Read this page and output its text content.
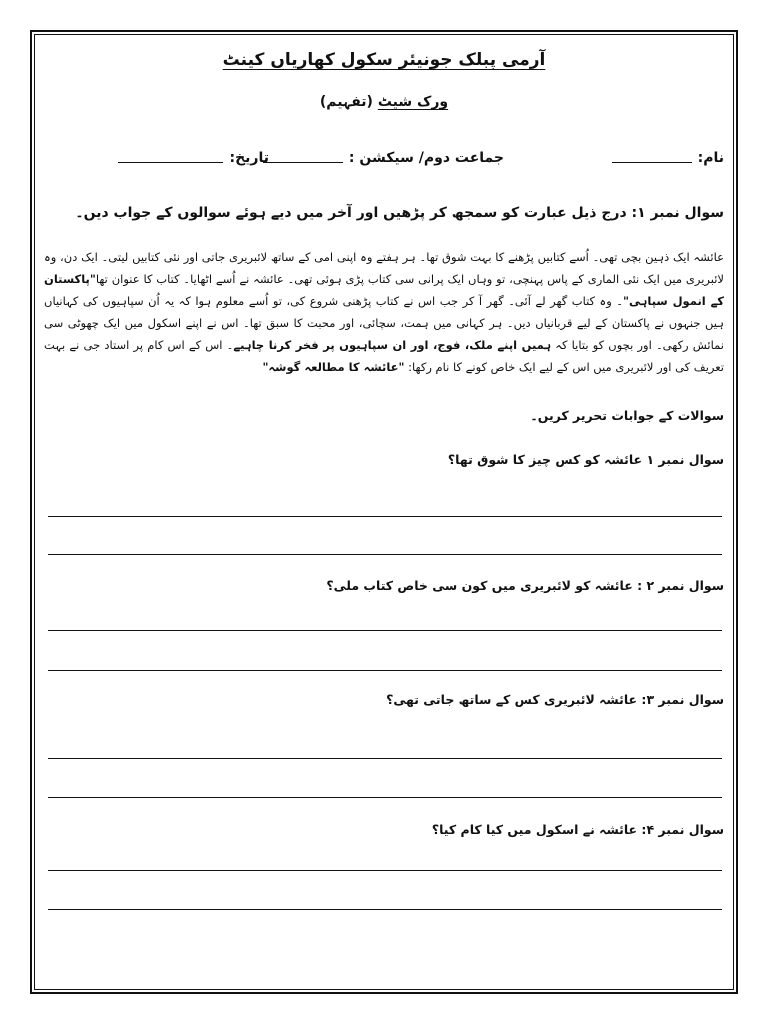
آرمی پبلک جونیئر سکول کھاریاں کینٹ
ورک شیٹ (تفہیم)
نام:
جماعت دوم/ سیکشن :
تاریخ:
سوال نمبر ۱: درج ذیل عبارت کو سمجھ کر پڑھیں اور آخر میں دیے ہوئے سوالوں کے جواب دیں۔
عائشہ ایک ذہین بچی تھی۔ اُسے کتابیں پڑھنے کا بہت شوق تھا۔ ہر ہفتے وہ اپنی امی کے ساتھ لائبریری جاتی اور نئی کتابیں لیتی۔ ایک دن، وہ لائبریری میں ایک نئی الماری کے پاس پہنچی، تو وہاں ایک پرانی سی کتاب پڑی ہوئی تھی۔ عائشہ نے اُسے اٹھایا۔ کتاب کا عنوان تھا"پاکستان کے انمول سپاہی"۔ وہ کتاب گھر لے آئی۔ گھر آ کر جب اس نے کتاب پڑھنی شروع کی، تو اُسے معلوم ہوا کہ یہ اُن سپاہیوں کی کہانیاں ہیں جنہوں نے پاکستان کے لیے قربانیاں دیں۔ ہر کہانی میں ہمت، سچائی، اور محبت کا سبق تھا۔ اس نے اپنے اسکول میں ایک چھوٹی سی نمائش رکھی۔ اور بچوں کو بتایا کہ ہمیں اپنے ملک، فوج، اور ان سپاہیوں پر فخر کرنا چاہیے۔ اس کے اس کام پر استاد جی نے بہت تعریف کی اور لائبریری میں اس کے لیے ایک خاص کونے کا نام رکھا: "عائشہ کا مطالعہ گوشہ"
سوالات کے جوابات تحریر کریں۔
سوال نمبر ۱ عائشہ کو کس چیز کا شوق تھا؟
سوال نمبر ۲ : عائشہ کو لائبریری میں کون سی خاص کتاب ملی؟
سوال نمبر ۳: عائشہ لائبریری کس کے ساتھ جاتی تھی؟
سوال نمبر ۴: عائشہ نے اسکول میں کیا کام کیا؟
